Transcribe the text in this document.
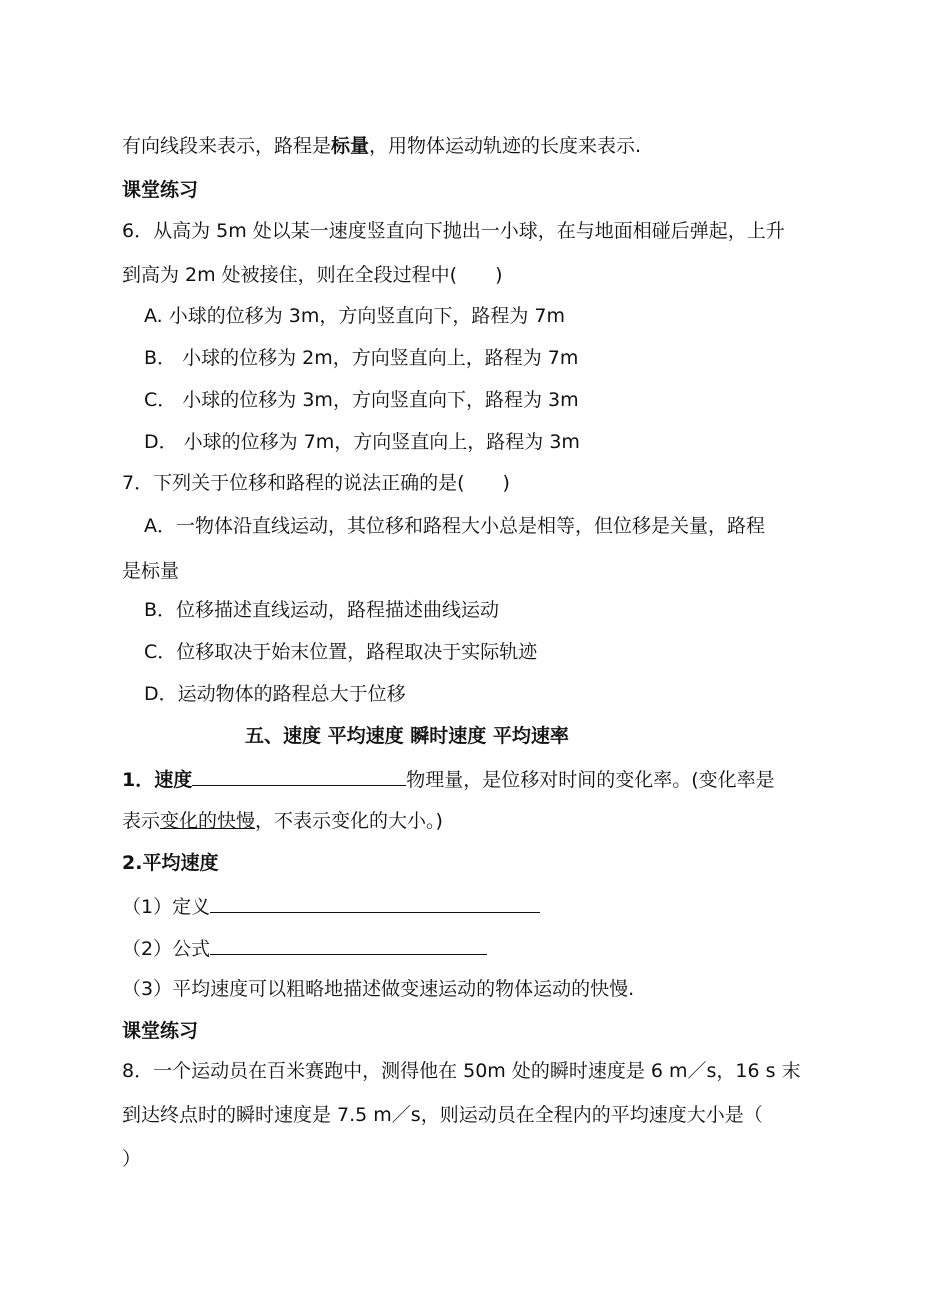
有向线段来表示，路程是标量，用物体运动轨迹的长度来表示.
课堂练习
6．从高为 5m 处以某一速度竖直向下抛出一小球，在与地面相碰后弹起，上升
到高为 2m 处被接住，则在全段过程中(　　)
A. 小球的位移为 3m，方向竖直向下，路程为 7m
B． 小球的位移为 2m，方向竖直向上，路程为 7m
C． 小球的位移为 3m，方向竖直向下，路程为 3m
D． 小球的位移为 7m，方向竖直向上，路程为 3m
7．下列关于位移和路程的说法正确的是(　　)
A．一物体沿直线运动，其位移和路程大小总是相等，但位移是关量，路程
是标量
B．位移描述直线运动，路程描述曲线运动
C．位移取决于始末位置，路程取决于实际轨迹
D．运动物体的路程总大于位移
五、速度 平均速度 瞬时速度 平均速率
1．速度	物理量，是位移对时间的变化率。(变化率是
表示变化的快慢，不表示变化的大小。)
2.平均速度
（1）定义
（2）公式
（3）平均速度可以粗略地描述做变速运动的物体运动的快慢.
课堂练习
8．一个运动员在百米赛跑中，测得他在 50m 处的瞬时速度是 6 m／s，16 s 末
到达终点时的瞬时速度是 7.5 m／s，则运动员在全程内的平均速度大小是（
）
